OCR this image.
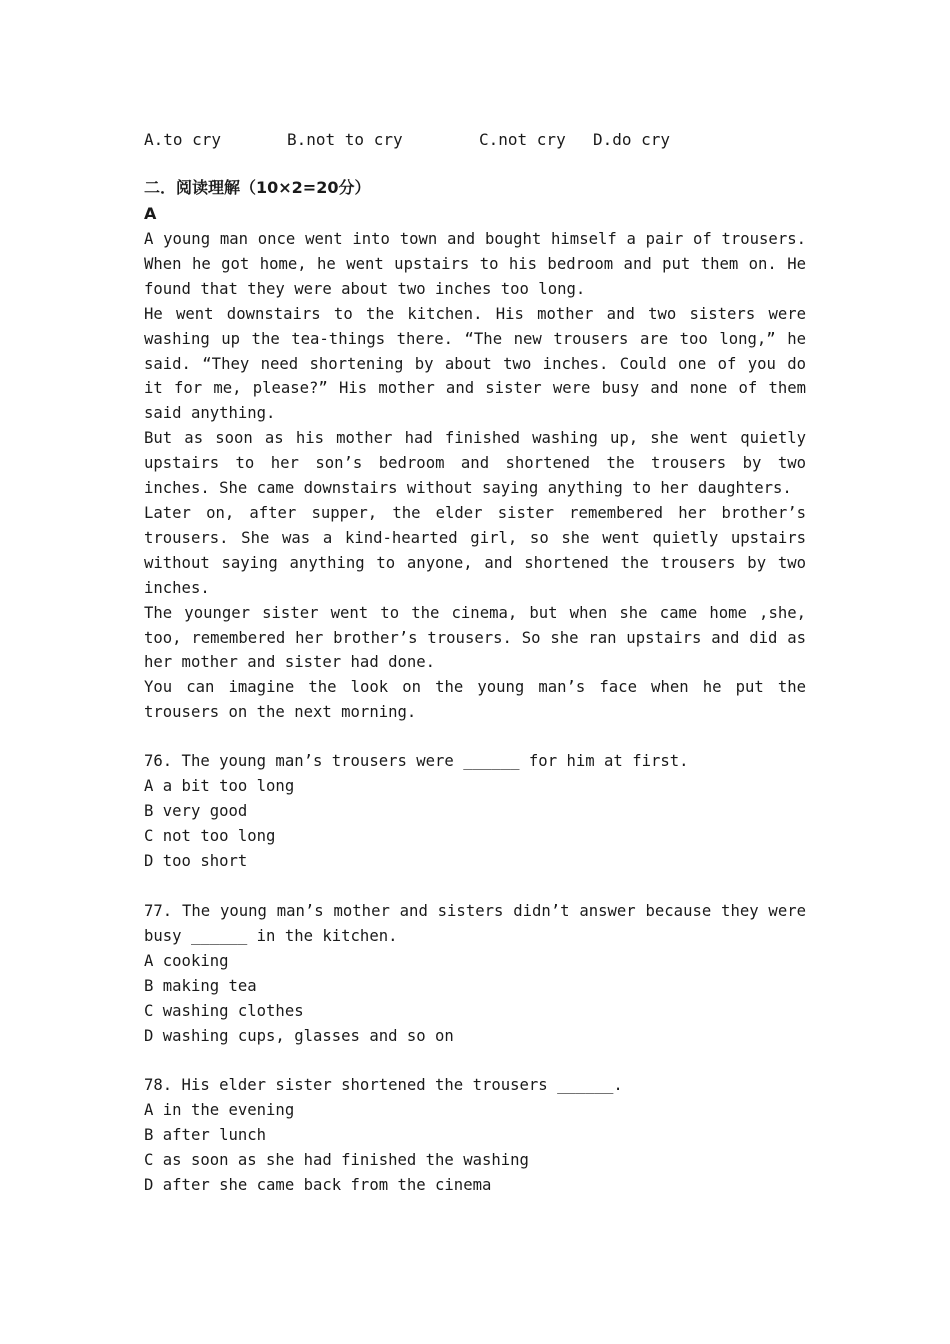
A.to cry	B.not to cry	C.not cry D.do cry
二．阅读理解（10×2=20分）
A

A young man once went into town and bought himself a pair of trousers. When he got home, he went upstairs to his bedroom and put them on. He found that they were about two inches too long.

He went downstairs to the kitchen. His mother and two sisters were washing up the tea-things there. “The new trousers are too long,” he said. “They need shortening by about two inches. Could one of you do it for me, please?” His mother and sister were busy and none of them said anything.

But as soon as his mother had finished washing up, she went quietly upstairs to her son’s bedroom and shortened the trousers by two inches. She came downstairs without saying anything to her daughters.

Later on, after supper, the elder sister remembered her brother’s trousers. She was a kind-hearted girl, so she went quietly upstairs without saying anything to anyone, and shortened the trousers by two inches.

The younger sister went to the cinema, but when she came home ,she, too, remembered her brother’s trousers. So she ran upstairs and did as her mother and sister had done.

You can imagine the look on the young man’s face when he put the trousers on the next morning.

76. The young man’s trousers were ______ for him at first.

A a bit too long

B very good

C not too long

D too short

77. The young man’s mother and sisters didn’t answer because they were busy ______ in the kitchen.

A cooking

B making tea

C washing clothes

D washing cups, glasses and so on

78. His elder sister shortened the trousers ______.

A in the evening

B after lunch

C as soon as she had finished the washing

D after she came back from the cinema
